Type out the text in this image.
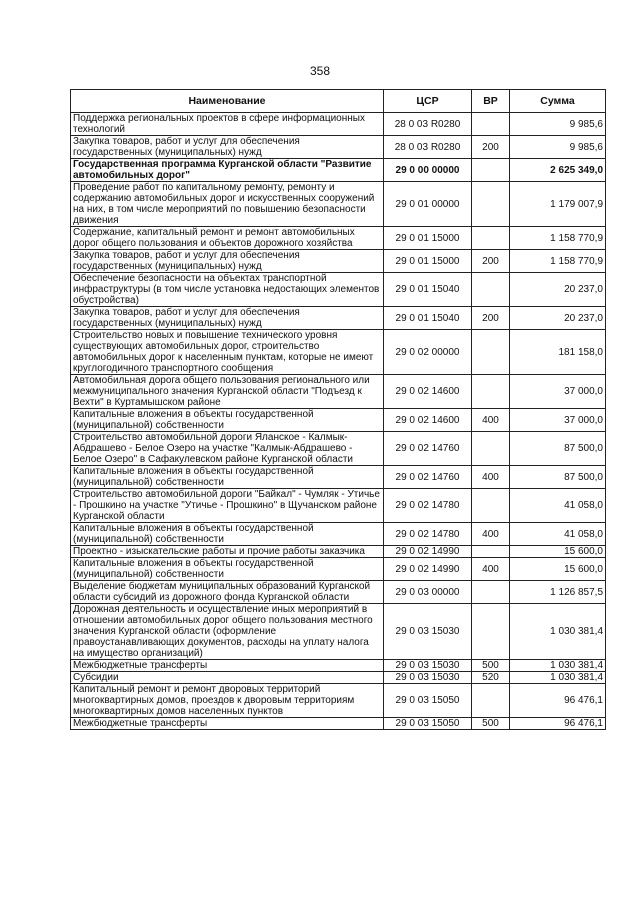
358
Наименование	ЦСР	ВР	Сумма
Поддержка региональных проектов в сфере информационных технологий	28 0 03 R0280		9 985,6
Закупка товаров, работ и услуг для обеспечения государственных (муниципальных) нужд	28 0 03 R0280	200	9 985,6
Государственная программа Курганской области "Развитие автомобильных дорог"	29 0 00 00000		2 625 349,0
Проведение работ по капитальному ремонту, ремонту и содержанию автомобильных дорог и искусственных сооружений на них, в том числе мероприятий по повышению безопасности движения	29 0 01 00000		1 179 007,9
Содержание, капитальный ремонт и ремонт автомобильных дорог общего пользования и объектов дорожного хозяйства	29 0 01 15000		1 158 770,9
Закупка товаров, работ и услуг для обеспечения государственных (муниципальных) нужд	29 0 01 15000	200	1 158 770,9
Обеспечение безопасности на объектах транспортной инфраструктуры (в том числе установка недостающих элементов обустройства)	29 0 01 15040		20 237,0
Закупка товаров, работ и услуг для обеспечения государственных (муниципальных) нужд	29 0 01 15040	200	20 237,0
Строительство новых и повышение технического уровня существующих автомобильных дорог, строительство автомобильных дорог к населенным пунктам, которые не имеют круглогодичного транспортного сообщения	29 0 02 00000		181 158,0
Автомобильная дорога общего пользования регионального или межмуниципального значения Курганской области "Подъезд к Вехти" в Куртамышском районе	29 0 02 14600		37 000,0
Капитальные вложения в объекты государственной (муниципальной) собственности	29 0 02 14600	400	37 000,0
Строительство автомобильной дороги Яланское - Калмык-Абдрашево - Белое Озеро на участке "Калмык-Абдрашево - Белое Озеро" в Сафакулевском районе Курганской области	29 0 02 14760		87 500,0
Капитальные вложения в объекты государственной (муниципальной) собственности	29 0 02 14760	400	87 500,0
Строительство автомобильной дороги "Байкал" - Чумляк - Утичье - Прошкино на участке "Утичье - Прошкино" в Щучанском районе Курганской области	29 0 02 14780		41 058,0
Капитальные вложения в объекты государственной (муниципальной) собственности	29 0 02 14780	400	41 058,0
Проектно - изыскательские работы и прочие работы заказчика	29 0 02 14990		15 600,0
Капитальные вложения в объекты государственной (муниципальной) собственности	29 0 02 14990	400	15 600,0
Выделение бюджетам муниципальных образований Курганской области субсидий из дорожного фонда Курганской области	29 0 03 00000		1 126 857,5
Дорожная деятельность и осуществление иных мероприятий в отношении автомобильных дорог общего пользования местного значения Курганской области (оформление правоустанавливающих документов, расходы на уплату налога на имущество организаций)	29 0 03 15030		1 030 381,4
Межбюджетные трансферты	29 0 03 15030	500	1 030 381,4
Субсидии	29 0 03 15030	520	1 030 381,4
Капитальный ремонт и ремонт дворовых территорий многоквартирных домов, проездов к дворовым территориям многоквартирных домов населенных пунктов	29 0 03 15050		96 476,1
Межбюджетные трансферты	29 0 03 15050	500	96 476,1
